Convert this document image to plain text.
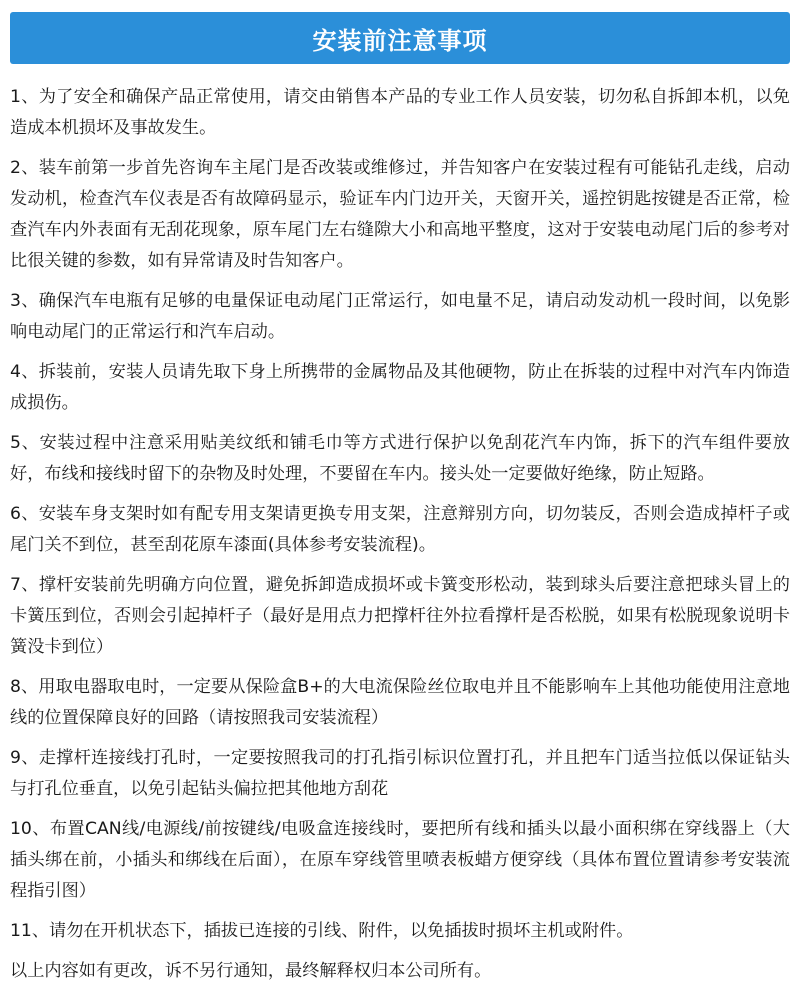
安装前注意事项

1、为了安全和确保产品正常使用，请交由销售本产品的专业工作人员安装，切勿私自拆卸本机，以免造成本机损坏及事故发生。

2、装车前第一步首先咨询车主尾门是否改装或维修过，并告知客户在安装过程有可能钻孔走线，启动发动机，检查汽车仪表是否有故障码显示，验证车内门边开关，天窗开关，遥控钥匙按键是否正常，检查汽车内外表面有无刮花现象，原车尾门左右缝隙大小和高地平整度，这对于安装电动尾门后的参考对比很关键的参数，如有异常请及时告知客户。

3、确保汽车电瓶有足够的电量保证电动尾门正常运行，如电量不足，请启动发动机一段时间，以免影响电动尾门的正常运行和汽车启动。

4、拆装前，安装人员请先取下身上所携带的金属物品及其他硬物，防止在拆装的过程中对汽车内饰造成损伤。

5、安装过程中注意采用贴美纹纸和铺毛巾等方式进行保护以免刮花汽车内饰，拆下的汽车组件要放好，布线和接线时留下的杂物及时处理，不要留在车内。接头处一定要做好绝缘，防止短路。

6、安装车身支架时如有配专用支架请更换专用支架，注意辩别方向，切勿装反，否则会造成掉杆子或尾门关不到位，甚至刮花原车漆面(具体参考安装流程)。

7、撑杆安装前先明确方向位置，避免拆卸造成损坏或卡簧变形松动，装到球头后要注意把球头冒上的卡簧压到位，否则会引起掉杆子（最好是用点力把撑杆往外拉看撑杆是否松脱，如果有松脱现象说明卡簧没卡到位）

8、用取电器取电时，一定要从保险盒B+的大电流保险丝位取电并且不能影响车上其他功能使用注意地线的位置保障良好的回路（请按照我司安装流程）

9、走撑杆连接线打孔时，一定要按照我司的打孔指引标识位置打孔，并且把车门适当拉低以保证钻头与打孔位垂直，以免引起钻头偏拉把其他地方刮花

10、布置CAN线/电源线/前按键线/电吸盒连接线时，要把所有线和插头以最小面积绑在穿线器上（大插头绑在前，小插头和绑线在后面），在原车穿线管里喷表板蜡方便穿线（具体布置位置请参考安装流程指引图）

11、请勿在开机状态下，插拔已连接的引线、附件，以免插拔时损坏主机或附件。

以上内容如有更改，诉不另行通知，最终解释权归本公司所有。
